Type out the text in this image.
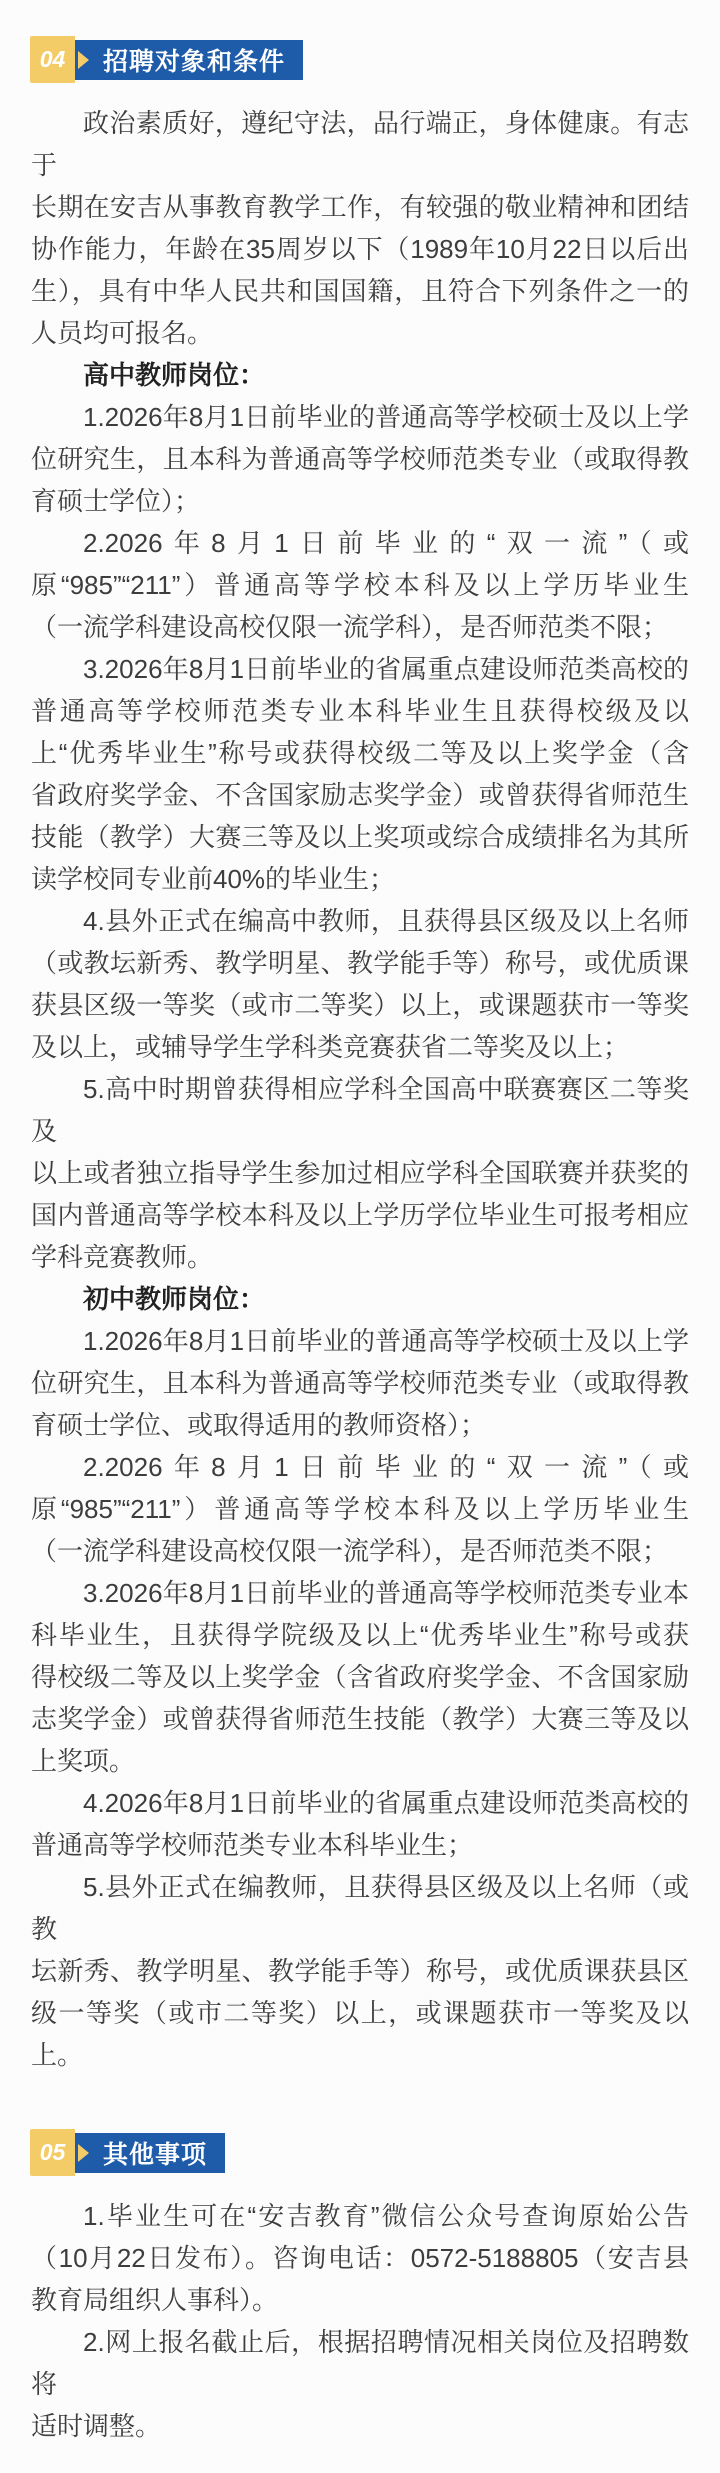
04	招聘对象和条件
政治素质好，遵纪守法，品行端正，身体健康。有志于
长期在安吉从事教育教学工作，有较强的敬业精神和团结
协作能力，年龄在35周岁以下（1989年10月22日以后出
生），具有中华人民共和国国籍，且符合下列条件之一的
人员均可报名。
高中教师岗位：
1.2026年8月1日前毕业的普通高等学校硕士及以上学
位研究生，且本科为普通高等学校师范类专业（或取得教
育硕士学位）；
2.2026年8月1日前毕业的“双一流”（或
原“985”“211”）普通高等学校本科及以上学历毕业生
（一流学科建设高校仅限一流学科），是否师范类不限；
3.2026年8月1日前毕业的省属重点建设师范类高校的
普通高等学校师范类专业本科毕业生且获得校级及以
上“优秀毕业生”称号或获得校级二等及以上奖学金（含
省政府奖学金、不含国家励志奖学金）或曾获得省师范生
技能（教学）大赛三等及以上奖项或综合成绩排名为其所
读学校同专业前40%的毕业生；
4.县外正式在编高中教师，且获得县区级及以上名师
（或教坛新秀、教学明星、教学能手等）称号，或优质课
获县区级一等奖（或市二等奖）以上，或课题获市一等奖
及以上，或辅导学生学科类竞赛获省二等奖及以上；
5.高中时期曾获得相应学科全国高中联赛赛区二等奖及
以上或者独立指导学生参加过相应学科全国联赛并获奖的
国内普通高等学校本科及以上学历学位毕业生可报考相应
学科竞赛教师。
初中教师岗位：
1.2026年8月1日前毕业的普通高等学校硕士及以上学
位研究生，且本科为普通高等学校师范类专业（或取得教
育硕士学位、或取得适用的教师资格）；
2.2026年8月1日前毕业的“双一流”（或
原“985”“211”）普通高等学校本科及以上学历毕业生
（一流学科建设高校仅限一流学科），是否师范类不限；
3.2026年8月1日前毕业的普通高等学校师范类专业本
科毕业生，且获得学院级及以上“优秀毕业生”称号或获
得校级二等及以上奖学金（含省政府奖学金、不含国家励
志奖学金）或曾获得省师范生技能（教学）大赛三等及以
上奖项。
4.2026年8月1日前毕业的省属重点建设师范类高校的
普通高等学校师范类专业本科毕业生；
5.县外正式在编教师，且获得县区级及以上名师（或教
坛新秀、教学明星、教学能手等）称号，或优质课获县区
级一等奖（或市二等奖）以上，或课题获市一等奖及以
上。
05	其他事项
1.毕业生可在“安吉教育”微信公众号查询原始公告
（10月22日发布）。咨询电话：0572-5188805（安吉县
教育局组织人事科）。
2.网上报名截止后，根据招聘情况相关岗位及招聘数将
适时调整。
